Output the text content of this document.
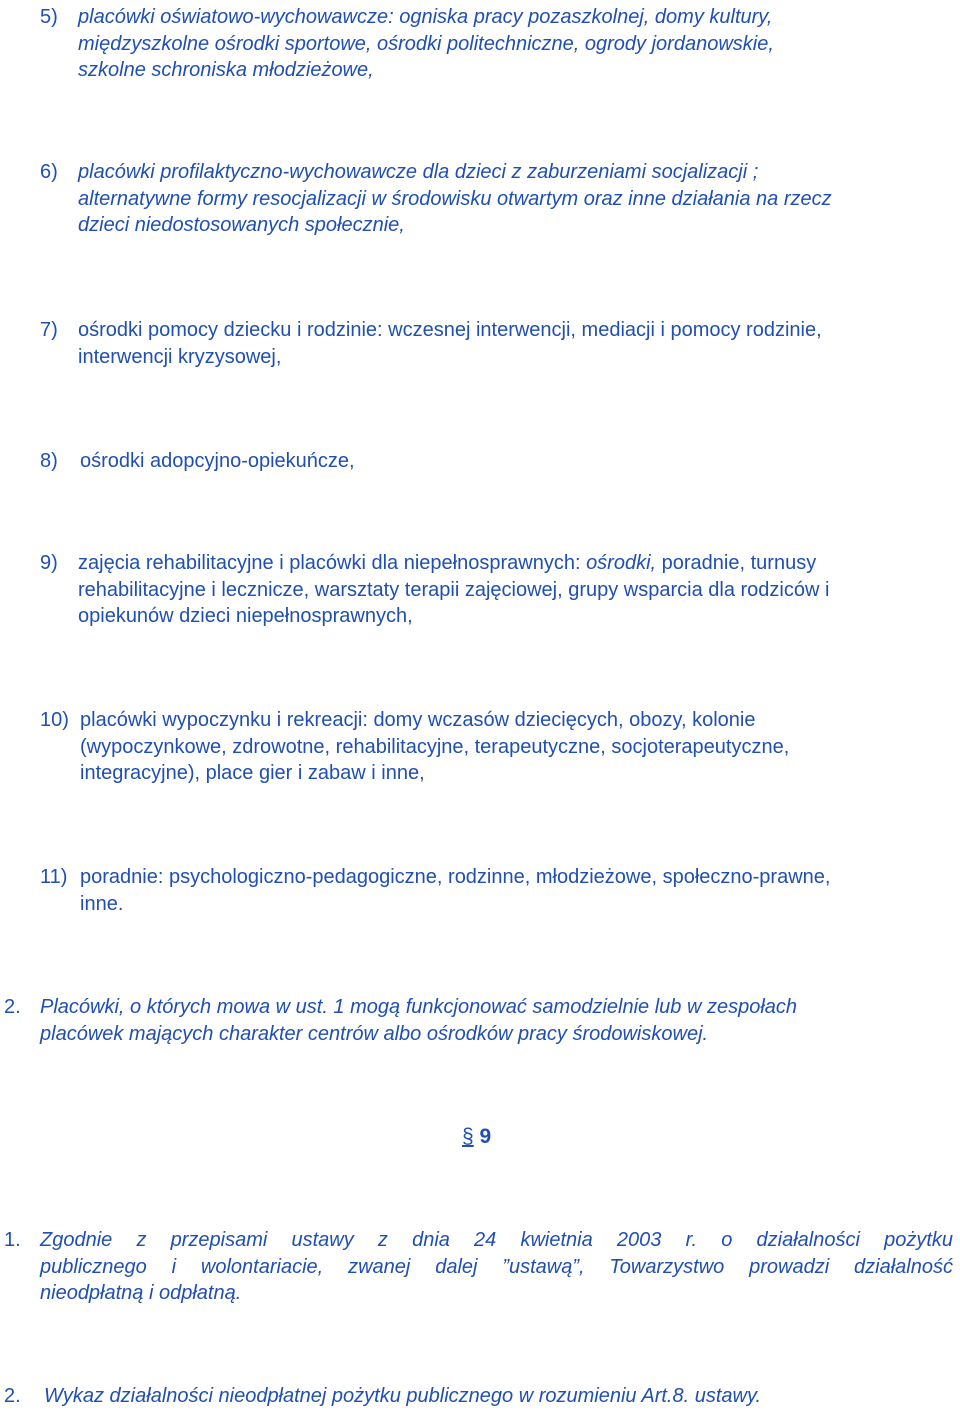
5) placówki oświatowo-wychowawcze: ogniska pracy pozaszkolnej, domy kultury,
międzyszkolne ośrodki sportowe, ośrodki politechniczne, ogrody jordanowskie,
szkolne schroniska młodzieżowe,
6) placówki profilaktyczno-wychowawcze dla dzieci z zaburzeniami socjalizacji ;
alternatywne formy resocjalizacji w środowisku otwartym oraz inne działania na rzecz
dzieci niedostosowanych społecznie,
7) ośrodki pomocy dziecku i rodzinie: wczesnej interwencji, mediacji i pomocy rodzinie,
interwencji kryzysowej,
8) ośrodki adopcyjno-opiekuńcze,
9) zajęcia rehabilitacyjne i placówki dla niepełnosprawnych: ośrodki, poradnie, turnusy
rehabilitacyjne i lecznicze, warsztaty terapii zajęciowej, grupy wsparcia dla rodziców i
opiekunów dzieci niepełnosprawnych,
10) placówki wypoczynku i rekreacji: domy wczasów dziecięcych, obozy, kolonie
(wypoczynkowe, zdrowotne, rehabilitacyjne, terapeutyczne, socjoterapeutyczne,
integracyjne), place gier i zabaw i inne,
11) poradnie: psychologiczno-pedagogiczne, rodzinne, młodzieżowe, społeczno-prawne,
inne.
2. Placówki, o których mowa w ust. 1 mogą funkcjonować samodzielnie lub w zespołach
placówek mających charakter centrów albo ośrodków pracy środowiskowej.
§ 9
1. Zgodnie z przepisami ustawy z dnia 24 kwietnia 2003 r. o działalności pożytku
publicznego i wolontariacie, zwanej dalej ”ustawą”, Towarzystwo prowadzi działalność
nieodpłatną i odpłatną.
2. Wykaz działalności nieodpłatnej pożytku publicznego w rozumieniu Art.8. ustawy.
